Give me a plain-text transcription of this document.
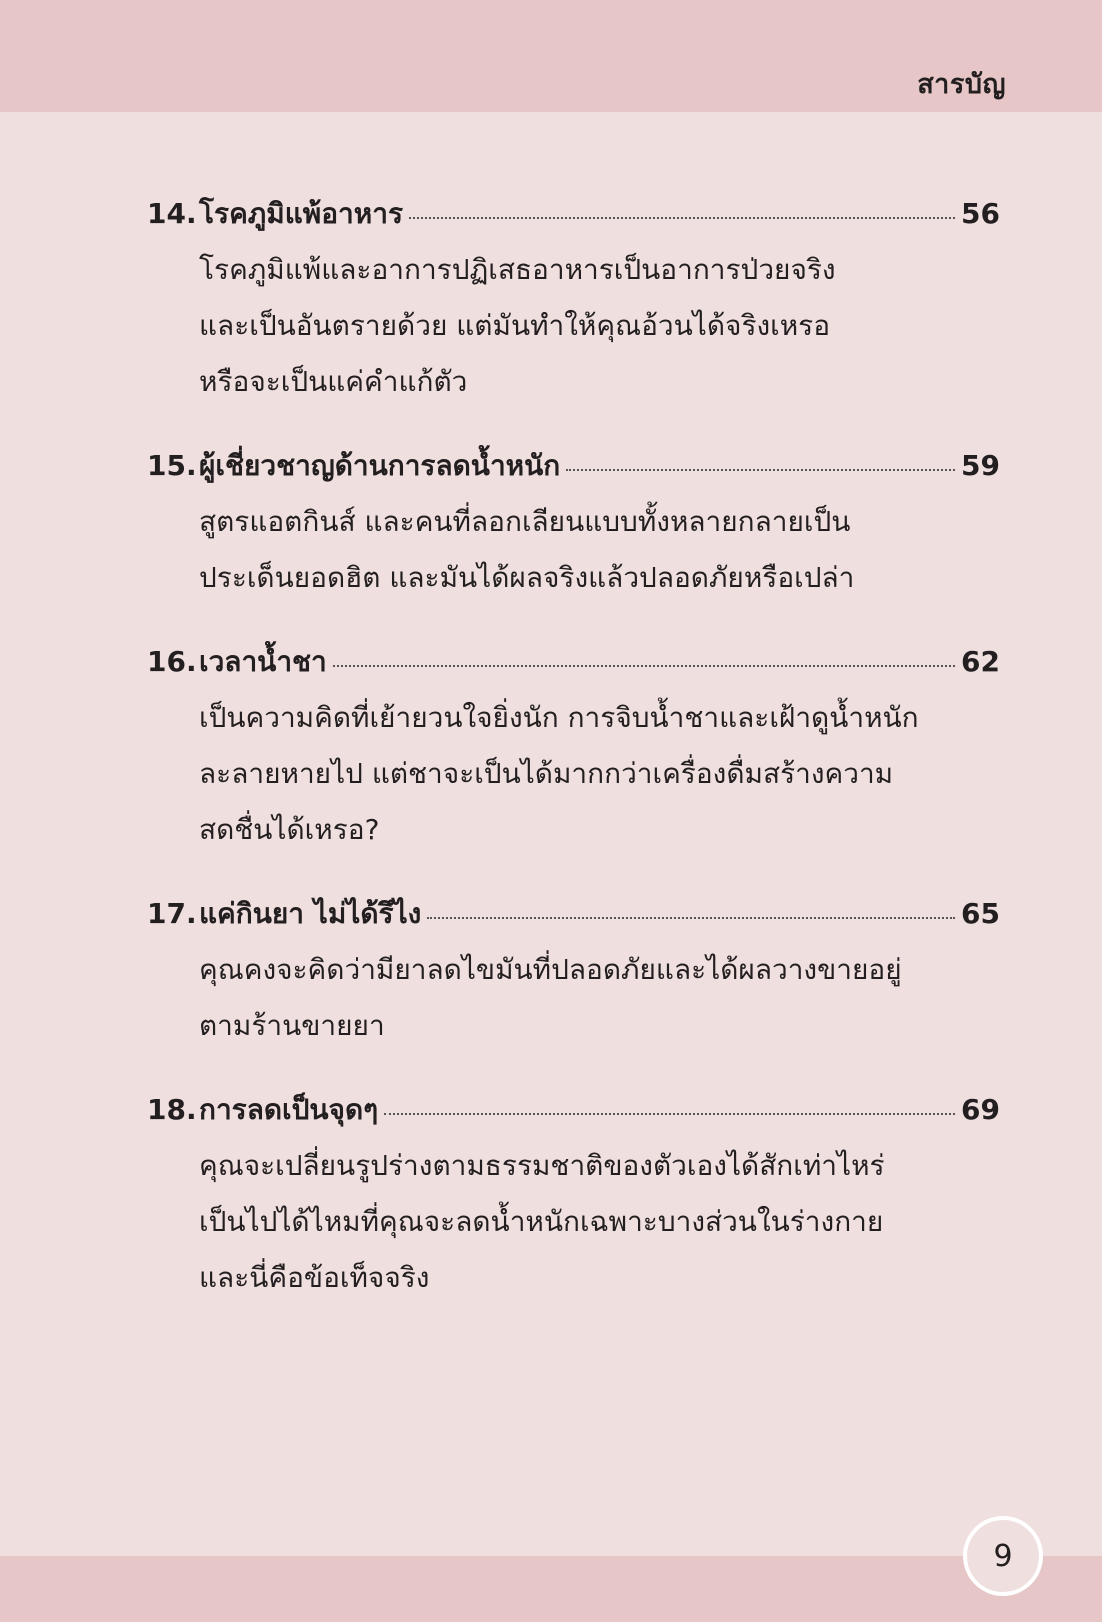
สารบัญ
14. โรคภูมิแพ้อาหาร	56
โรคภูมิแพ้และอาการปฏิเสธอาหารเป็นอาการป่วยจริง
และเป็นอันตรายด้วย แต่มันทำให้คุณอ้วนได้จริงเหรอ
หรือจะเป็นแค่คำแก้ตัว
15. ผู้เชี่ยวชาญด้านการลดน้ำหนัก	59
สูตรแอตกินส์ และคนที่ลอกเลียนแบบทั้งหลายกลายเป็น
ประเด็นยอดฮิต และมันได้ผลจริงแล้วปลอดภัยหรือเปล่า
16. เวลาน้ำชา	62
เป็นความคิดที่เย้ายวนใจยิ่งนัก การจิบน้ำชาและเฝ้าดูน้ำหนัก
ละลายหายไป แต่ชาจะเป็นได้มากกว่าเครื่องดื่มสร้างความ
สดชื่นได้เหรอ?
17. แค่กินยา ไม่ได้รึไง	65
คุณคงจะคิดว่ามียาลดไขมันที่ปลอดภัยและได้ผลวางขายอยู่
ตามร้านขายยา
18. การลดเป็นจุดๆ	69
คุณจะเปลี่ยนรูปร่างตามธรรมชาติของตัวเองได้สักเท่าไหร่
เป็นไปได้ไหมที่คุณจะลดน้ำหนักเฉพาะบางส่วนในร่างกาย
และนี่คือข้อเท็จจริง
9
